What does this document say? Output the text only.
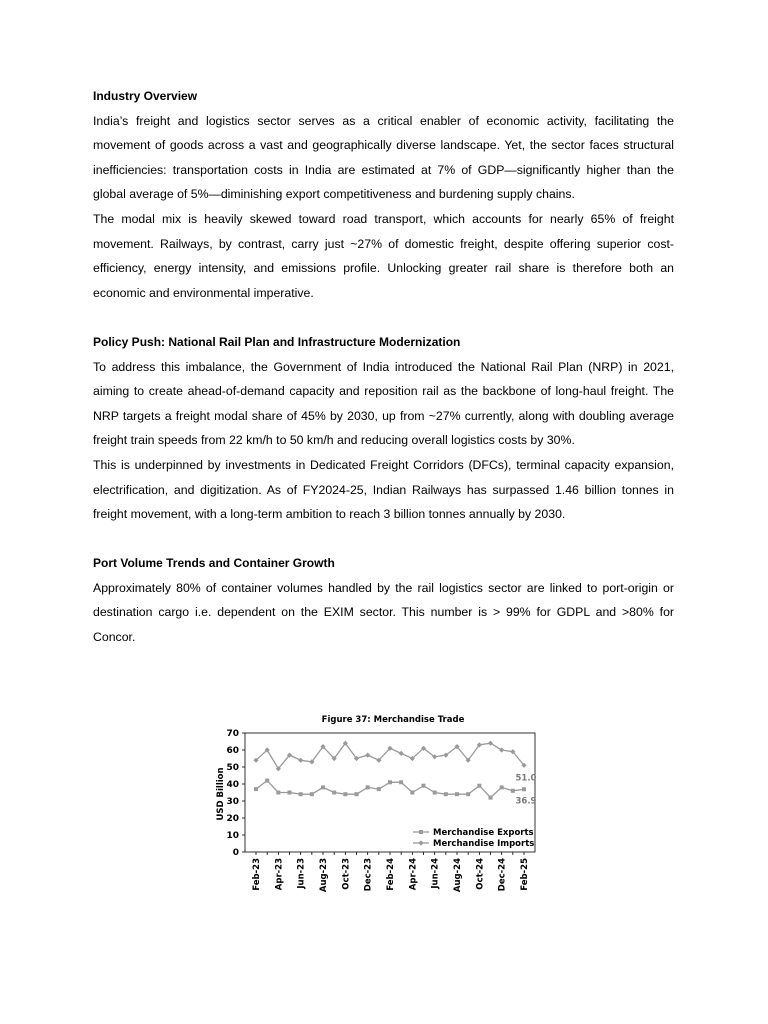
Industry Overview

India’s freight and logistics sector serves as a critical enabler of economic activity, facilitating the movement of goods across a vast and geographically diverse landscape. Yet, the sector faces structural inefficiencies: transportation costs in India are estimated at 7% of GDP—significantly higher than the global average of 5%—diminishing export competitiveness and burdening supply chains.

The modal mix is heavily skewed toward road transport, which accounts for nearly 65% of freight movement. Railways, by contrast, carry just ~27% of domestic freight, despite offering superior cost-efficiency, energy intensity, and emissions profile. Unlocking greater rail share is therefore both an economic and environmental imperative.

Policy Push: National Rail Plan and Infrastructure Modernization

To address this imbalance, the Government of India introduced the National Rail Plan (NRP) in 2021, aiming to create ahead-of-demand capacity and reposition rail as the backbone of long-haul freight. The NRP targets a freight modal share of 45% by 2030, up from ~27% currently, along with doubling average freight train speeds from 22 km/h to 50 km/h and reducing overall logistics costs by 30%.

This is underpinned by investments in Dedicated Freight Corridors (DFCs), terminal capacity expansion, electrification, and digitization. As of FY2024-25, Indian Railways has surpassed 1.46 billion tonnes in freight movement, with a long-term ambition to reach 3 billion tonnes annually by 2030.

Port Volume Trends and Container Growth

Approximately 80% of container volumes handled by the rail logistics sector are linked to port-origin or destination cargo i.e. dependent on the EXIM sector. This number is > 99% for GDPL and >80% for Concor.

Figure 37: Merchandise Trade
USD Billion
0
10
20
30
40
50
60
70
Feb-23 Apr-23 Jun-23 Aug-23 Oct-23 Dec-23 Feb-24 Apr-24 Jun-24 Aug-24 Oct-24 Dec-24 Feb-25
36.9
51.0
Merchandise Exports
Merchandise Imports
